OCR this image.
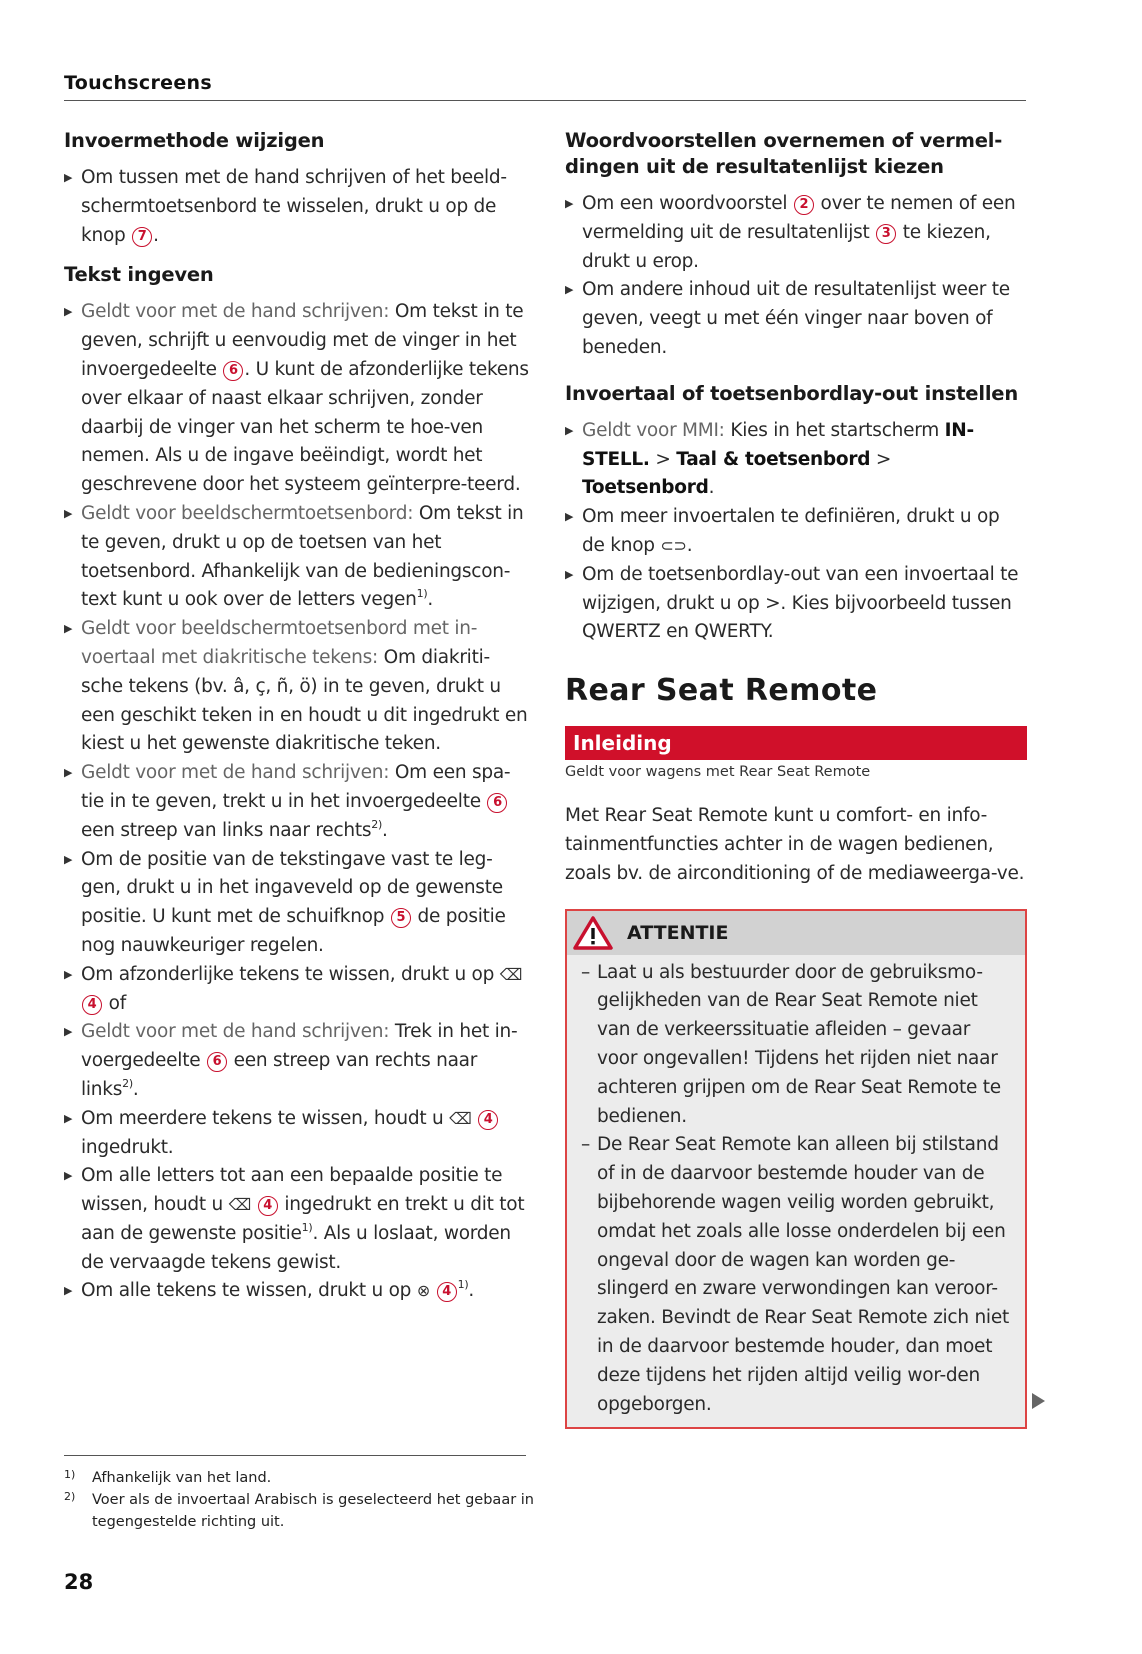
Touchscreens
Invoermethode wijzigen
▶ Om tussen met de hand schrijven of het beeld-schermtoetsenbord te wisselen, drukt u op de knop 7 .
Tekst ingeven
▶ Geldt voor met de hand schrijven: Om tekst in te geven, schrijft u eenvoudig met de vinger in het invoergedeelte 6 . U kunt de afzonderlijke tekens over elkaar of naast elkaar schrijven, zonder daarbij de vinger van het scherm te hoe-ven nemen. Als u de ingave beëindigt, wordt het geschrevene door het systeem geïnterpre-teerd.
▶ Geldt voor beeldschermtoetsenbord: Om tekst in te geven, drukt u op de toetsen van het toetsenbord. Afhankelijk van de bedieningscon-text kunt u ook over de letters vegen$^{1)}$.
▶ Geldt voor beeldschermtoetsenbord met in-voertaal met diakritische tekens: Om diakriti-sche tekens (bv. â, ç, ñ, ö) in te geven, drukt u een geschikt teken in en houdt u dit ingedrukt en kiest u het gewenste diakritische teken.
▶ Geldt voor met de hand schrijven: Om een spa-tie in te geven, trekt u in het invoergedeelte 6 een streep van links naar rechts$^{2)}$.
▶ Om de positie van de tekstingave vast te leg-gen, drukt u in het ingaveveld op de gewenste positie. U kunt met de schuifknop 5 de positie nog nauwkeuriger regelen.
▶ Om afzonderlijke tekens te wissen, drukt u op ⌫ 4 of
▶ Geldt voor met de hand schrijven: Trek in het in-voergedeelte 6 een streep van rechts naar links$^{2)}$.
▶ Om meerdere tekens te wissen, houdt u ⌫ 4 ingedrukt.
▶ Om alle letters tot aan een bepaalde positie te wissen, houdt u ⌫ 4 ingedrukt en trekt u dit tot aan de gewenste positie$^{1)}$. Als u loslaat, worden de vervaagde tekens gewist.
▶ Om alle tekens te wissen, drukt u op ⊗ 4 $^{1)}$.
Woordvoorstellen overnemen of vermel-dingen uit de resultatenlijst kiezen
▶ Om een woordvoorstel 2 over te nemen of een vermelding uit de resultatenlijst 3 te kiezen, drukt u erop.
▶ Om andere inhoud uit de resultatenlijst weer te geven, veegt u met één vinger naar boven of beneden.
Invoertaal of toetsenbordlay-out instellen
▶ Geldt voor MMI: Kies in het startscherm IN-STELL. > Taal & toetsenbord > Toetsenbord.
▶ Om meer invoertalen te definiëren, drukt u op de knop ⊂⊃.
▶ Om de toetsenbordlay-out van een invoertaal te wijzigen, drukt u op >. Kies bijvoorbeeld tussen QWERTZ en QWERTY.
Rear Seat Remote
Inleiding
Geldt voor wagens met Rear Seat Remote

Met Rear Seat Remote kunt u comfort- en info-tainmentfuncties achter in de wagen bedienen, zoals bv. de airconditioning of de mediaweerga-ve.

ATTENTIE
– Laat u als bestuurder door de gebruiksmo-gelijkheden van de Rear Seat Remote niet van de verkeerssituatie afleiden – gevaar voor ongevallen! Tijdens het rijden niet naar achteren grijpen om de Rear Seat Remote te bedienen.
– De Rear Seat Remote kan alleen bij stilstand of in de daarvoor bestemde houder van de bijbehorende wagen veilig worden gebruikt, omdat het zoals alle losse onderdelen bij een ongeval door de wagen kan worden ge-slingerd en zware verwondingen kan veroor-zaken. Bevindt de Rear Seat Remote zich niet in de daarvoor bestemde houder, dan moet deze tijdens het rijden altijd veilig wor-den opgeborgen.
1) Afhankelijk van het land.
2) Voer als de invoertaal Arabisch is geselecteerd het gebaar in tegengestelde richting uit.
28
